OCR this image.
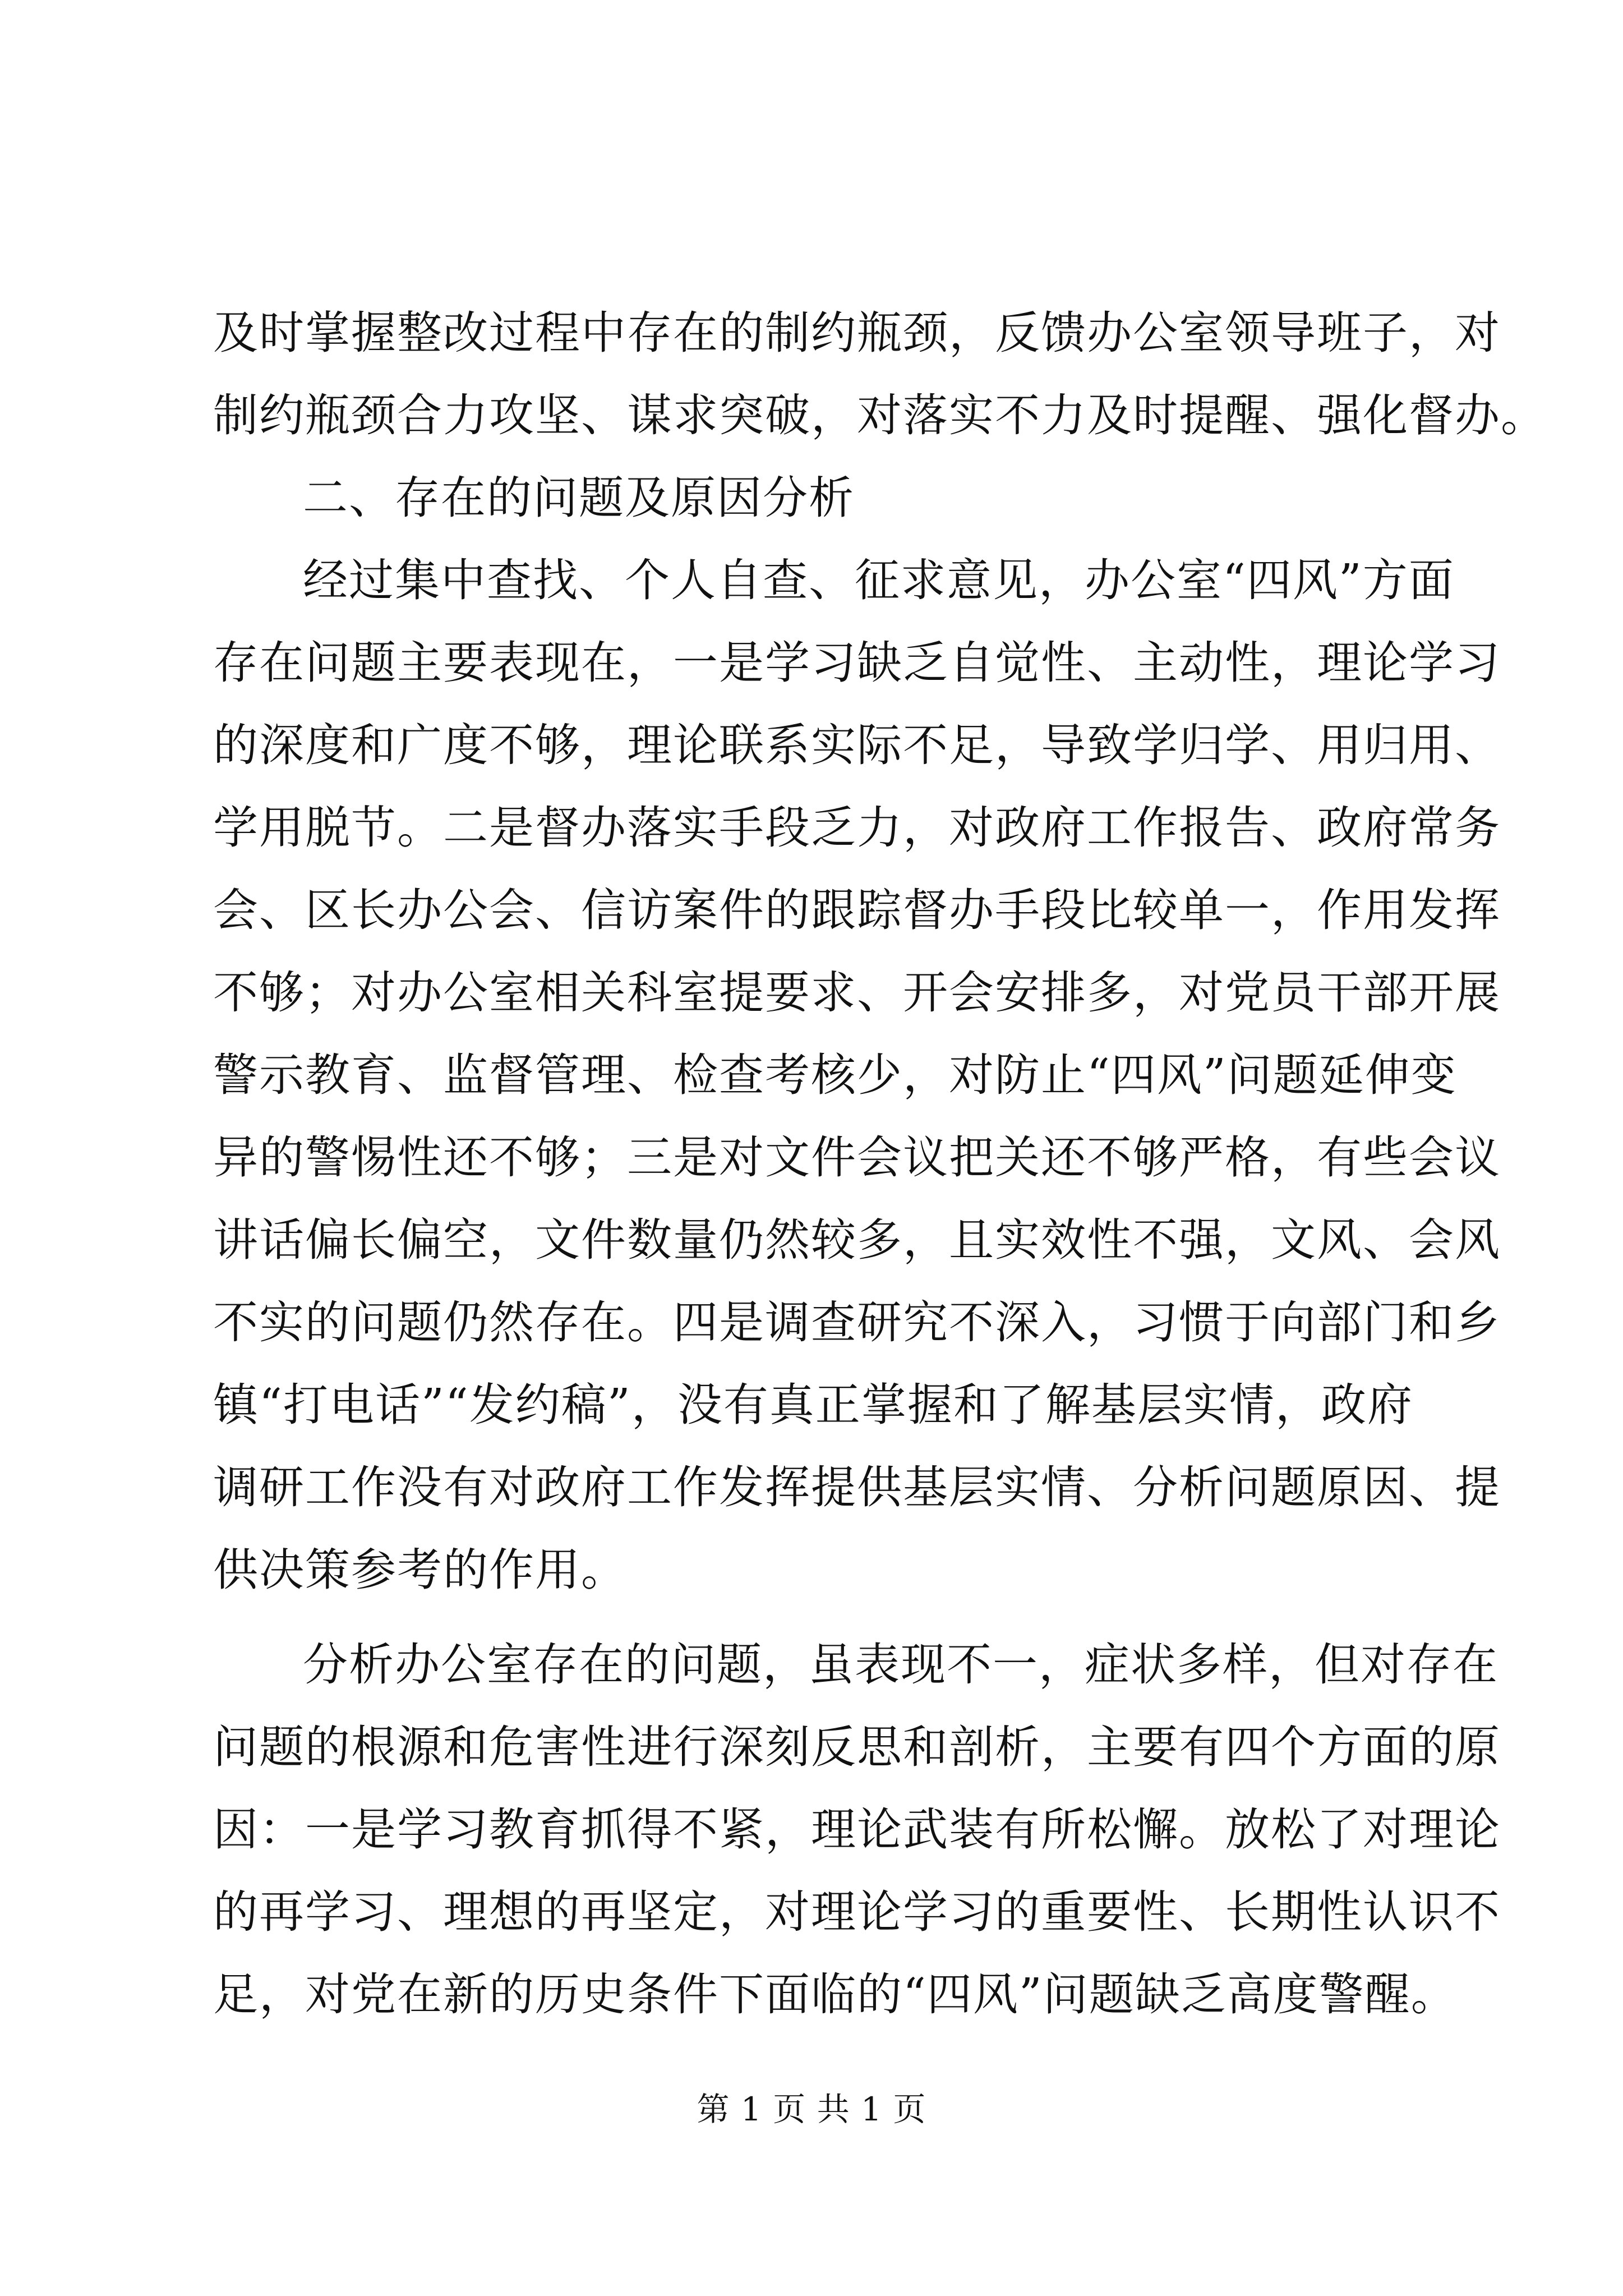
及时掌握整改过程中存在的制约瓶颈，反馈办公室领导班子，对
制约瓶颈合力攻坚、谋求突破，对落实不力及时提醒、强化督办。
二、存在的问题及原因分析
经过集中查找、个人自查、征求意见，办公室“四风”方面
存在问题主要表现在，一是学习缺乏自觉性、主动性，理论学习
的深度和广度不够，理论联系实际不足，导致学归学、用归用、
学用脱节。二是督办落实手段乏力，对政府工作报告、政府常务
会、区长办公会、信访案件的跟踪督办手段比较单一，作用发挥
不够；对办公室相关科室提要求、开会安排多，对党员干部开展
警示教育、监督管理、检查考核少，对防止“四风”问题延伸变
异的警惕性还不够；三是对文件会议把关还不够严格，有些会议
讲话偏长偏空，文件数量仍然较多，且实效性不强，文风、会风
不实的问题仍然存在。四是调查研究不深入，习惯于向部门和乡
镇“打电话”“发约稿”，没有真正掌握和了解基层实情，政府
调研工作没有对政府工作发挥提供基层实情、分析问题原因、提
供决策参考的作用。
分析办公室存在的问题，虽表现不一，症状多样，但对存在
问题的根源和危害性进行深刻反思和剖析，主要有四个方面的原
因：一是学习教育抓得不紧，理论武装有所松懈。放松了对理论
的再学习、理想的再坚定，对理论学习的重要性、长期性认识不
足，对党在新的历史条件下面临的“四风”问题缺乏高度警醒。
第 1 页 共 1 页
